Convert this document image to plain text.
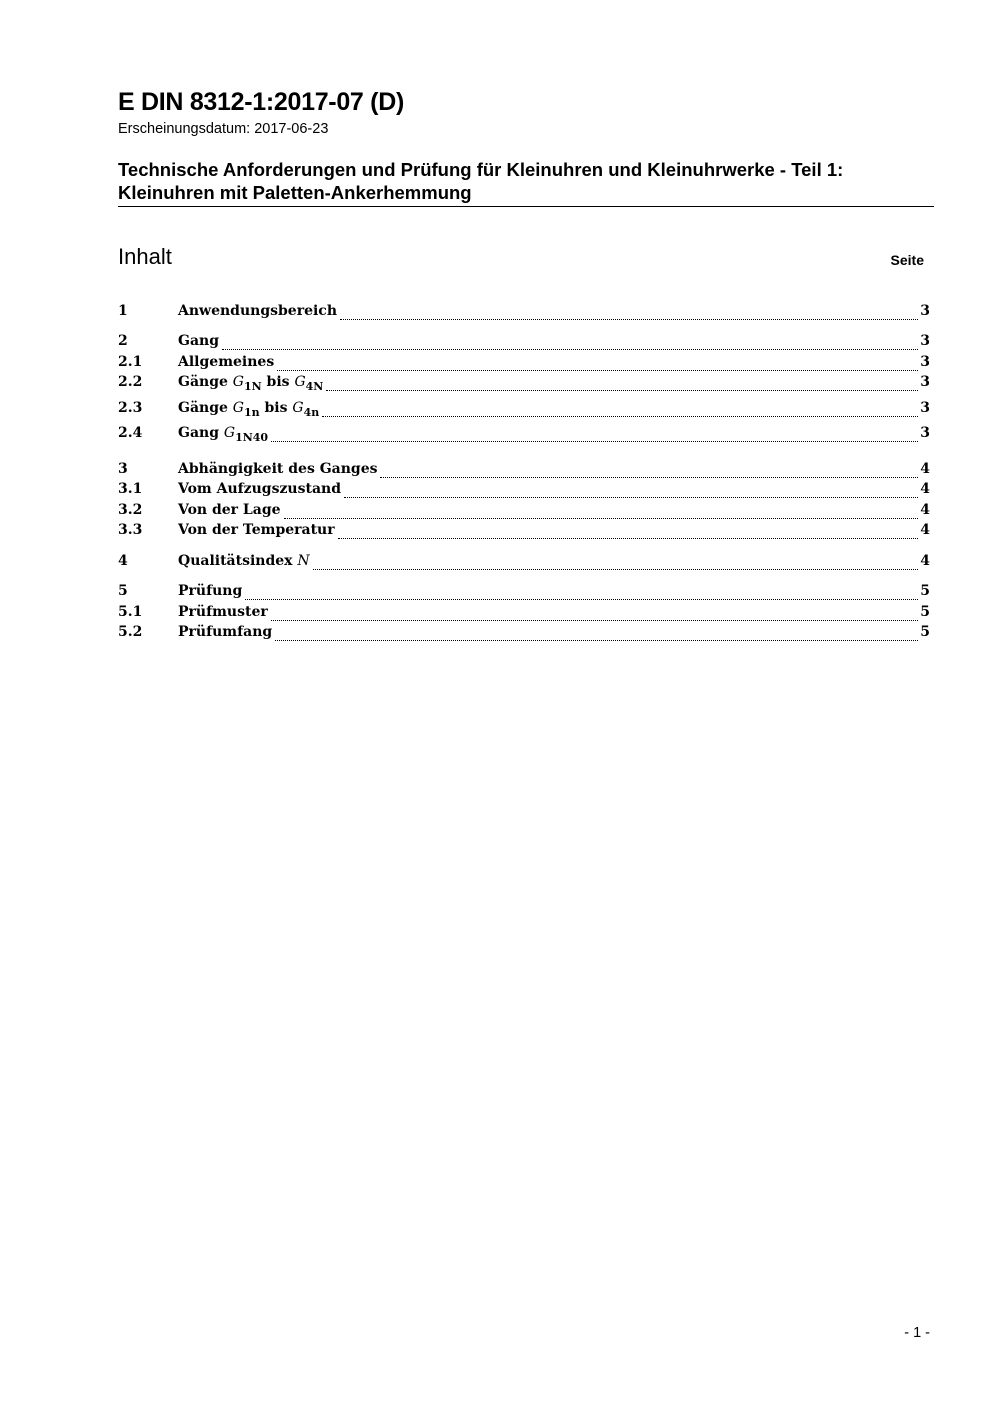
E DIN 8312-1:2017-07 (D)
Erscheinungsdatum: 2017-06-23
Technische Anforderungen und Prüfung für Kleinuhren und Kleinuhrwerke - Teil 1:
Kleinuhren mit Paletten-Ankerhemmung
Inhalt	Seite
1	Anwendungsbereich	3
2	Gang	3
2.1	Allgemeines	3
2.2	Gänge $G_{1N}$ bis $G_{4N}$	3
2.3	Gänge $G_{1n}$ bis $G_{4n}$	3
2.4	Gang $G_{1N40}$	3
3	Abhängigkeit des Ganges	4
3.1	Vom Aufzugszustand	4
3.2	Von der Lage	4
3.3	Von der Temperatur	4
4	Qualitätsindex N	4
5	Prüfung	5
5.1	Prüfmuster	5
5.2	Prüfumfang	5
- 1 -
